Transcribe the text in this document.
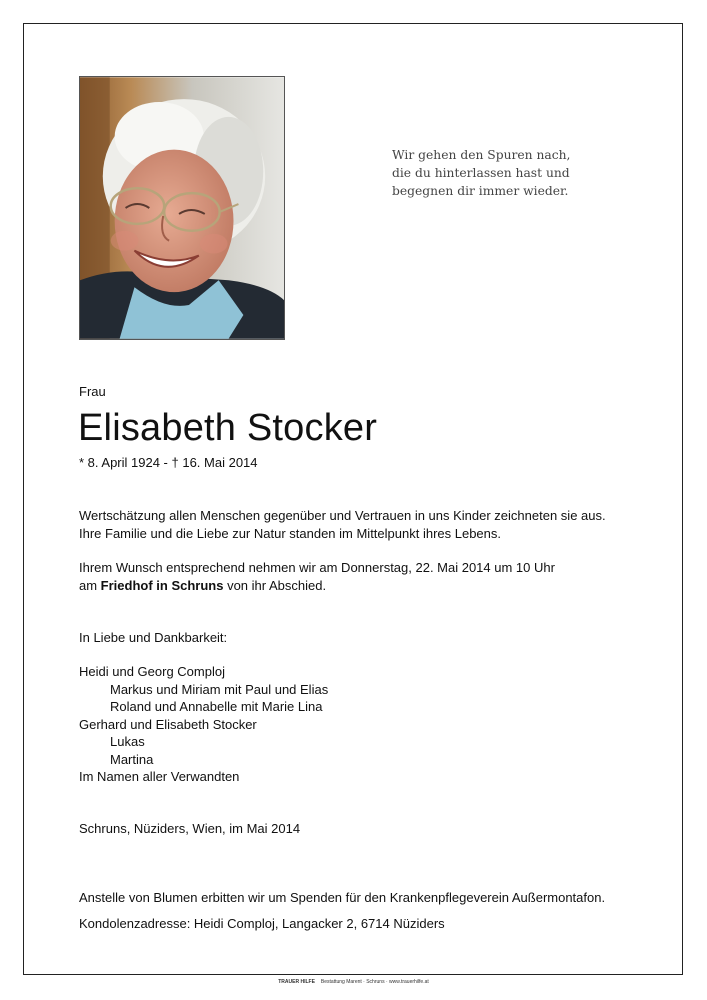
Wir gehen den Spuren nach,
die du hinterlassen hast und
begegnen dir immer wieder.
Frau
Elisabeth Stocker
* 8. April 1924 - † 16. Mai 2014
Wertschätzung allen Menschen gegenüber und Vertrauen in uns Kinder zeichneten sie aus.
Ihre Familie und die Liebe zur Natur standen im Mittelpunkt ihres Lebens.
Ihrem Wunsch entsprechend nehmen wir am Donnerstag, 22. Mai 2014 um 10 Uhr
am Friedhof in Schruns von ihr Abschied.
In Liebe und Dankbarkeit:
Heidi und Georg Comploj
Markus und Miriam mit Paul und Elias
Roland und Annabelle mit Marie Lina
Gerhard und Elisabeth Stocker
Lukas
Martina
Im Namen aller Verwandten
Schruns, Nüziders, Wien, im Mai 2014
Anstelle von Blumen erbitten wir um Spenden für den Krankenpflegeverein Außermontafon.
Kondolenzadresse: Heidi Comploj, Langacker 2, 6714 Nüziders
TRAUER HILFE Bestattung Marent · Schruns · www.trauerhilfe.at
